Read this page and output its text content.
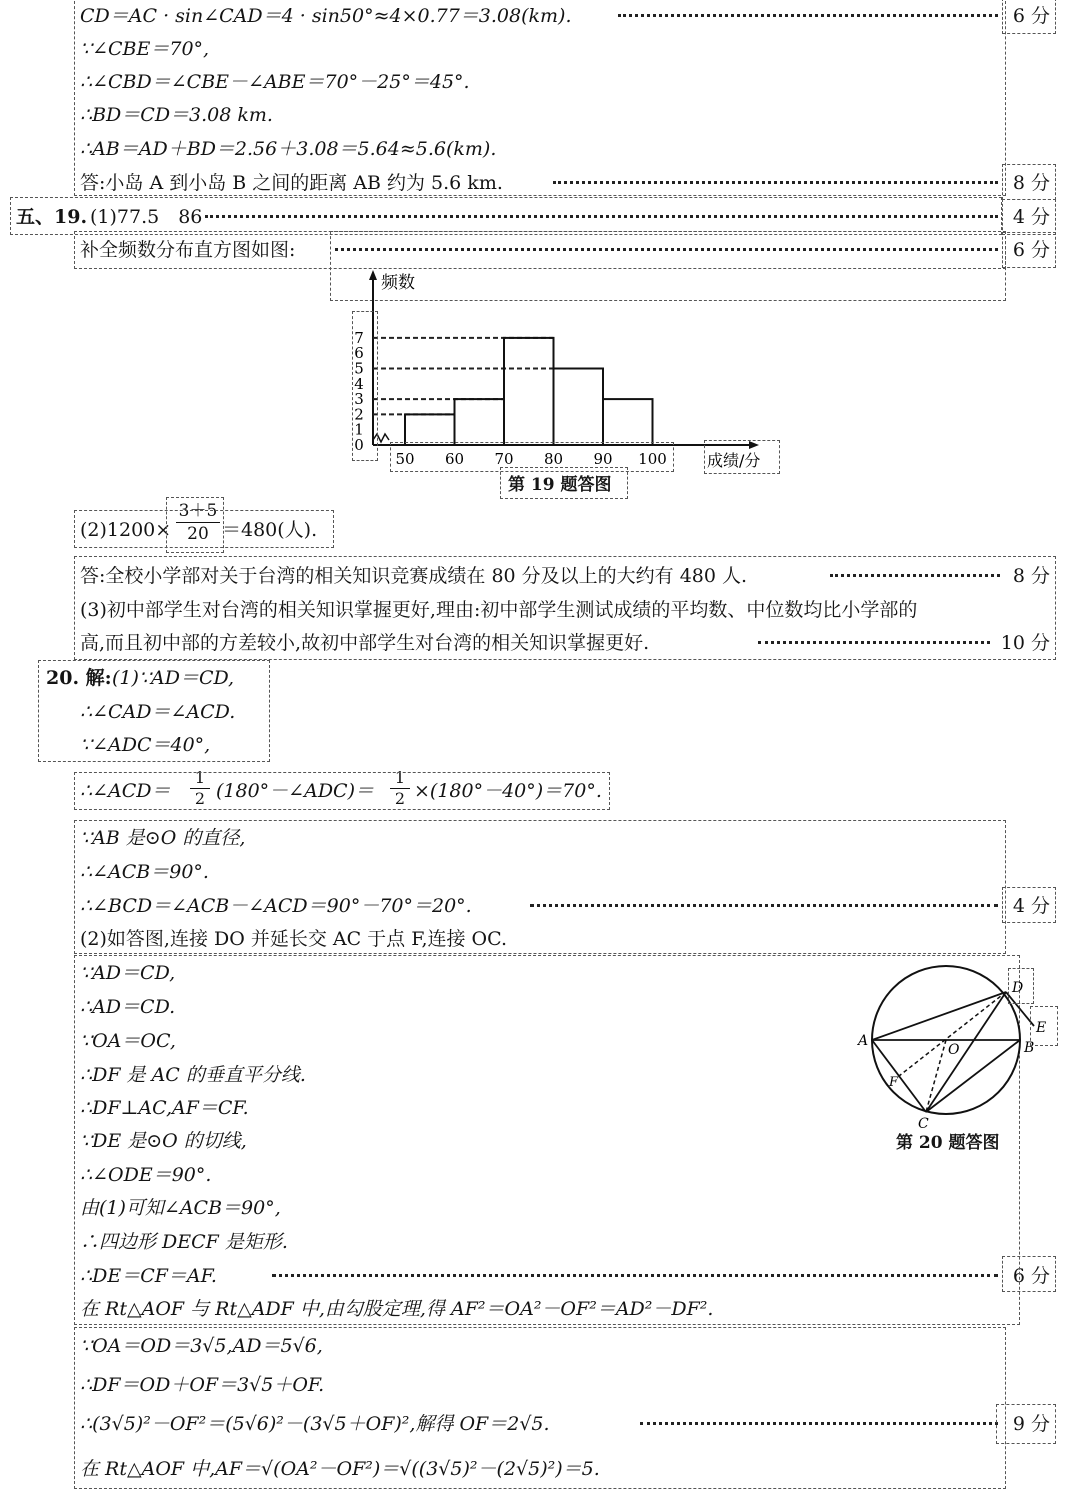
CD＝AC · sin∠CAD＝4 · sin50°≈4×0.77＝3.08(km).	6 分
∵∠CBE＝70°,
∴∠CBD＝∠CBE－∠ABE＝70°－25°＝45°.
∴BD＝CD＝3.08 km.
∴AB＝AD＋BD＝2.56＋3.08＝5.64≈5.6(km).
答:小岛 A 到小岛 B 之间的距离 AB 约为 5.6 km.	8 分
五、19. (1)77.5　86	4 分
补全频数分布直方图如图:	6 分
频数
成绩/分
0
1
2
3
4
5
6
7
50 60 70 80 90 100
第 19 题答图
$(2)1200\times \frac{3+5}{20} =480$(人).
答:全校小学部对关于台湾的相关知识竞赛成绩在 80 分及以上的大约有 480 人.	8 分
(3)初中部学生对台湾的相关知识掌握更好,理由:初中部学生测试成绩的平均数、中位数均比小学部的
高,而且初中部的方差较小,故初中部学生对台湾的相关知识掌握更好.	10 分
20. 解: (1)∵AD＝CD,
∴∠CAD＝∠ACD.
∵∠ADC＝40°,
∴∠ACD＝ $\frac{1}{2}$ (180°－∠ADC)＝ $\frac{1}{2} \times(180^\circ-40^\circ)=70^\circ$.
∵AB 是⊙O 的直径,
∴∠ACB＝90°.
∴∠BCD＝∠ACB－∠ACD＝90°－70°＝20°.	4 分
(2)如答图,连接 DO 并延长交 AC 于点 F,连接 OC.
∵AD＝CD,
∴AD＝CD.
∵OA＝OC,
∴DF 是 AC 的垂直平分线.
∴DF⊥AC,AF＝CF.
∵DE 是⊙O 的切线,
∴∠ODE＝90°.
由(1)可知∠ACB＝90°,
∴四边形 DECF 是矩形.
∴DE＝CF＝AF.	6 分
在 Rt△AOF 与 Rt△ADF 中,由勾股定理,得 AF²＝OA²－OF²＝AD²－DF².
A	B
C
D
E
F
O
第 20 题答图
∵OA＝OD＝3√5,AD＝5√6,
∴DF＝OD＋OF＝3√5＋OF.
∴(3√5)²－OF²＝(5√6)²－(3√5＋OF)²,解得 OF＝2√5.	9 分
在 Rt△AOF 中,AF＝√(OA²－OF²)＝√((3√5)²－(2√5)²)＝5.
